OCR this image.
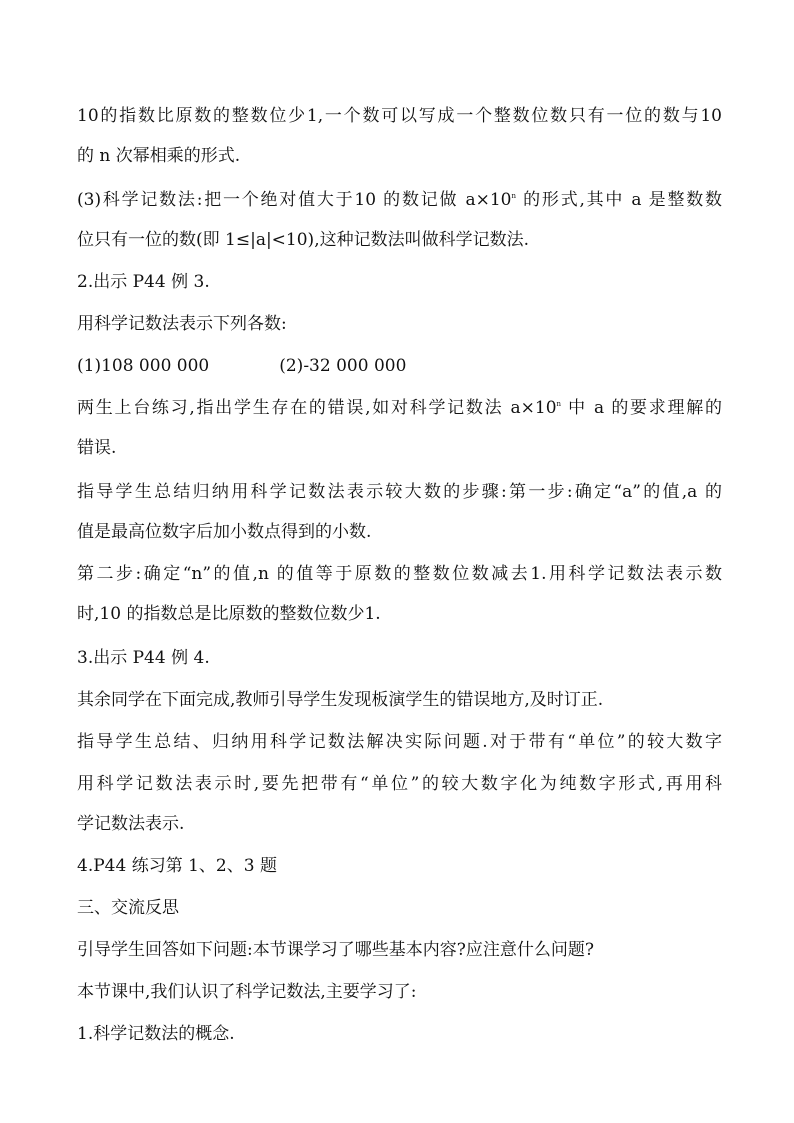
10的指数比原数的整数位少1,一个数可以写成一个整数位数只有一位的数与10
的 n 次幂相乘的形式.
(3)科学记数法:把一个绝对值大于10 的数记做 $a\times 10^n$ 的形式,其中 a 是整数数
位只有一位的数(即 1≤|a|<10),这种记数法叫做科学记数法.
2.出示 P44 例 3.
用科学记数法表示下列各数:
(1)108 000 000	(2)-32 000 000
两生上台练习,指出学生存在的错误,如对科学记数法 $a\times 10^n$ 中 a 的要求理解的
错误.
指导学生总结归纳用科学记数法表示较大数的步骤:第一步:确定“a”的值,a 的
值是最高位数字后加小数点得到的小数.
第二步:确定“n”的值,n 的值等于原数的整数位数减去1.用科学记数法表示数
时,10 的指数总是比原数的整数位数少1.
3.出示 P44 例 4.
其余同学在下面完成,教师引导学生发现板演学生的错误地方,及时订正.
指导学生总结、归纳用科学记数法解决实际问题.对于带有“单位”的较大数字
用科学记数法表示时,要先把带有“单位”的较大数字化为纯数字形式,再用科
学记数法表示.
4.P44 练习第 1、2、3 题
三、交流反思
引导学生回答如下问题:本节课学习了哪些基本内容?应注意什么问题?
本节课中,我们认识了科学记数法,主要学习了:
1.科学记数法的概念.
